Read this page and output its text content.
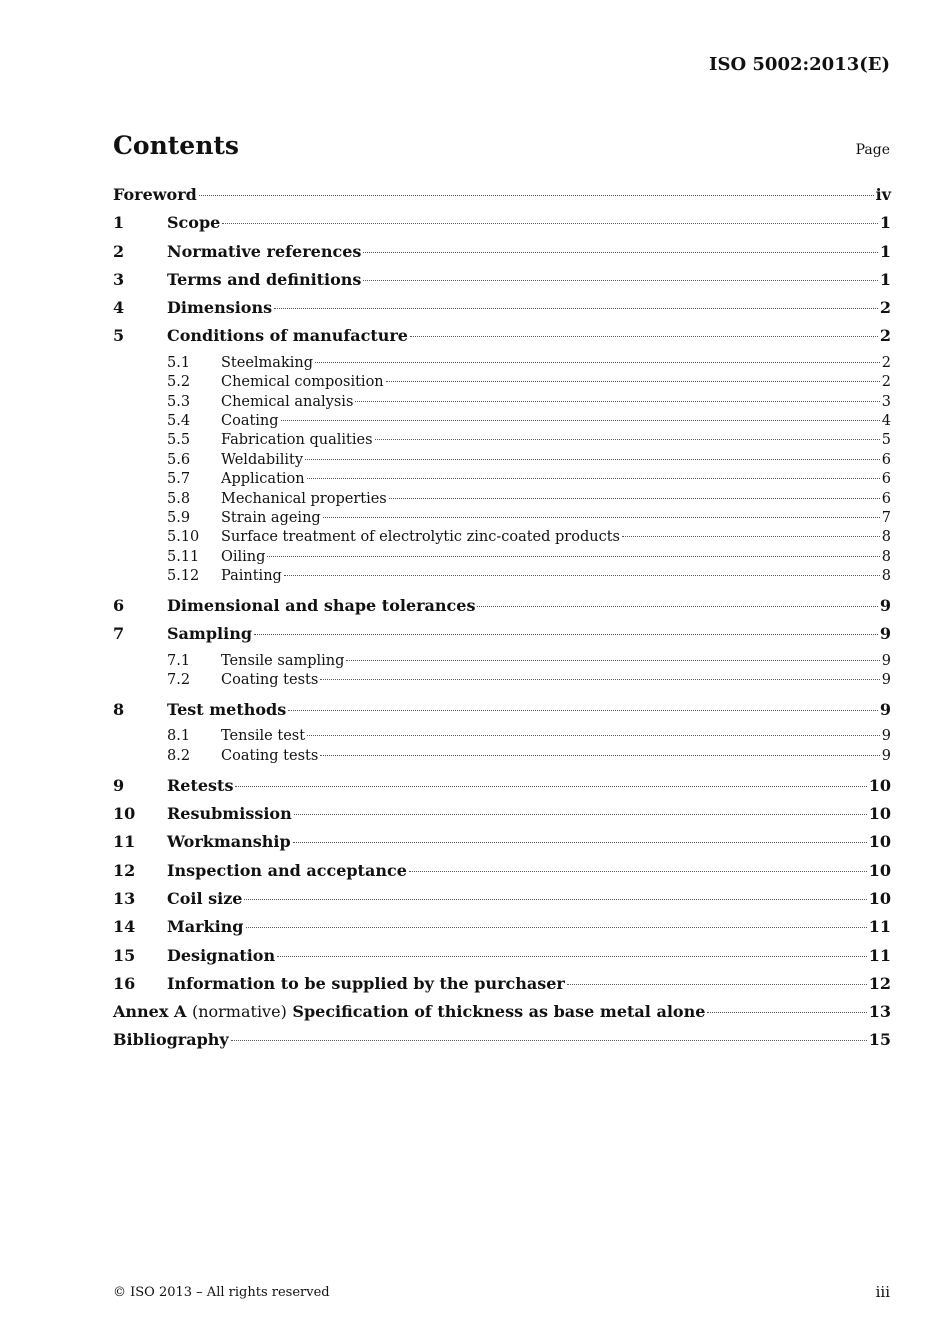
ISO 5002:2013(E)
Contents	Page
Foreword	iv
1	Scope	1
2	Normative references	1
3	Terms and definitions	1
4	Dimensions	2
5	Conditions of manufacture	2
5.1	Steelmaking	2
5.2	Chemical composition	2
5.3	Chemical analysis	3
5.4	Coating	4
5.5	Fabrication qualities	5
5.6	Weldability	6
5.7	Application	6
5.8	Mechanical properties	6
5.9	Strain ageing	7
5.10	Surface treatment of electrolytic zinc-coated products	8
5.11	Oiling	8
5.12	Painting	8
6	Dimensional and shape tolerances	9
7	Sampling	9
7.1	Tensile sampling	9
7.2	Coating tests	9
8	Test methods	9
8.1	Tensile test	9
8.2	Coating tests	9
9	Retests	10
10	Resubmission	10
11	Workmanship	10
12	Inspection and acceptance	10
13	Coil size	10
14	Marking	11
15	Designation	11
16	Information to be supplied by the purchaser	12
Annex A (normative) Specification of thickness as base metal alone	13
Bibliography	15
© ISO 2013 – All rights reserved	iii
